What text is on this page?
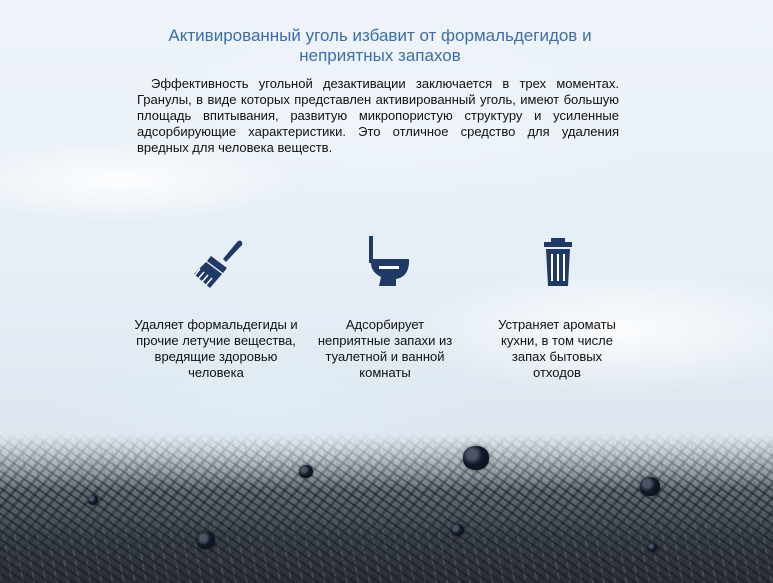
Активированный уголь избавит от формальдегидов и неприятных запахов

Эффективность угольной дезактивации заключается в трех моментах. Гранулы, в виде которых представлен активированный уголь, имеют большую площадь впитывания, развитую микропористую структуру и усиленные адсорбирующие характеристики. Это отличное средство для удаления вредных для человека веществ.

Удаляет формальдегиды и прочие летучие вещества, вредящие здоровью человека

Адсорбирует неприятные запахи из туалетной и ванной комнаты

Устраняет ароматы кухни, в том числе запах бытовых отходов
